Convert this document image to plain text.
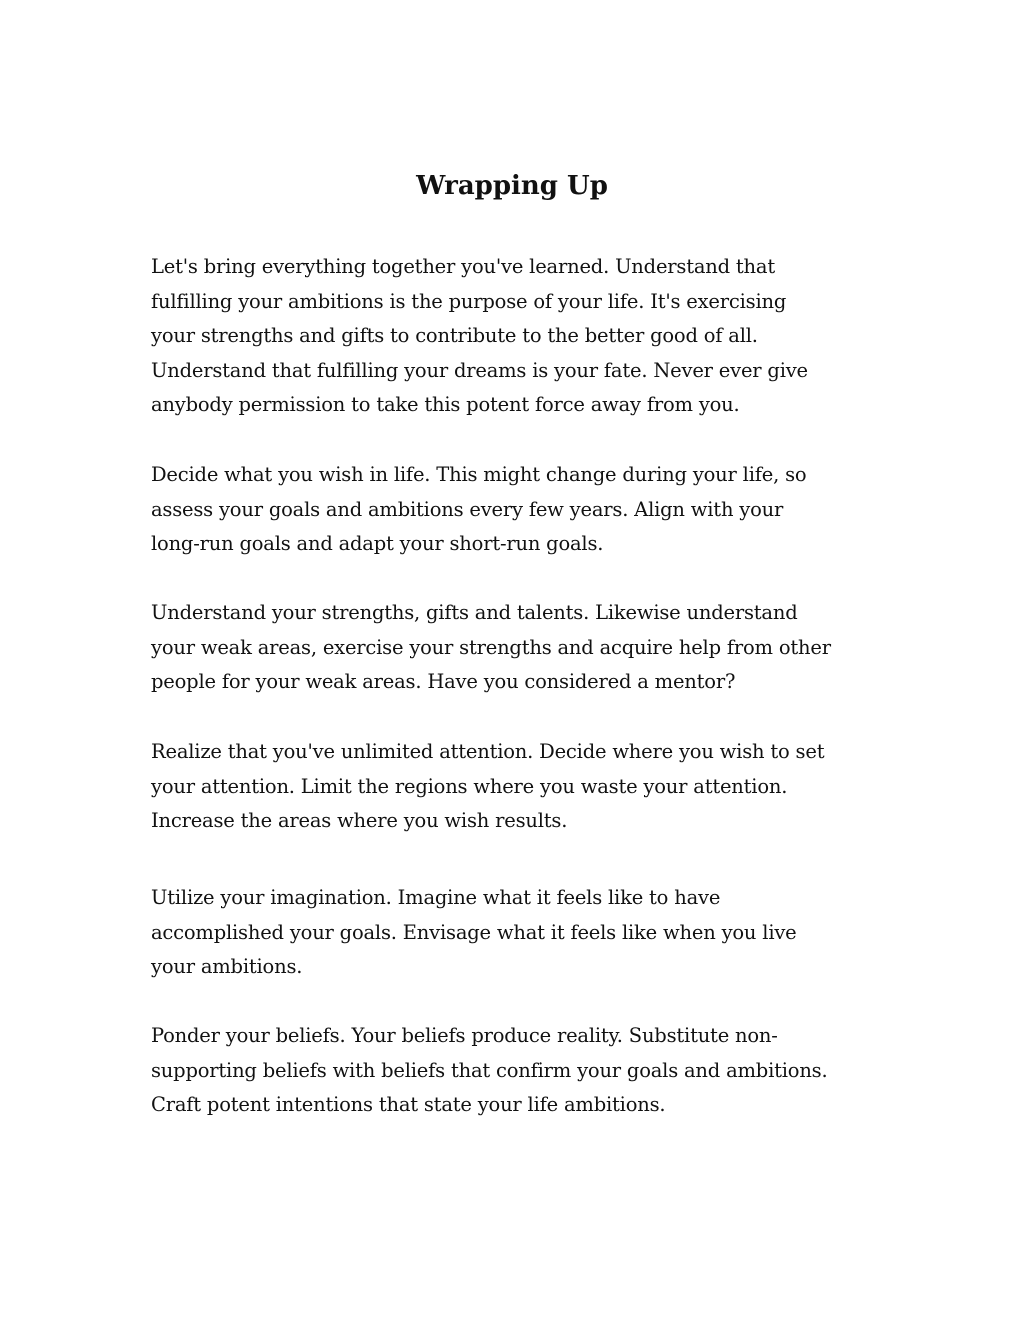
Wrapping Up

Let's bring everything together you've learned. Understand that
fulfilling your ambitions is the purpose of your life. It's exercising
your strengths and gifts to contribute to the better good of all.
Understand that fulfilling your dreams is your fate. Never ever give
anybody permission to take this potent force away from you.

Decide what you wish in life. This might change during your life, so
assess your goals and ambitions every few years. Align with your
long-run goals and adapt your short-run goals.

Understand your strengths, gifts and talents. Likewise understand
your weak areas, exercise your strengths and acquire help from other
people for your weak areas. Have you considered a mentor?

Realize that you've unlimited attention. Decide where you wish to set
your attention. Limit the regions where you waste your attention.
Increase the areas where you wish results.

Utilize your imagination. Imagine what it feels like to have
accomplished your goals. Envisage what it feels like when you live
your ambitions.

Ponder your beliefs. Your beliefs produce reality. Substitute non-
supporting beliefs with beliefs that confirm your goals and ambitions.
Craft potent intentions that state your life ambitions.
